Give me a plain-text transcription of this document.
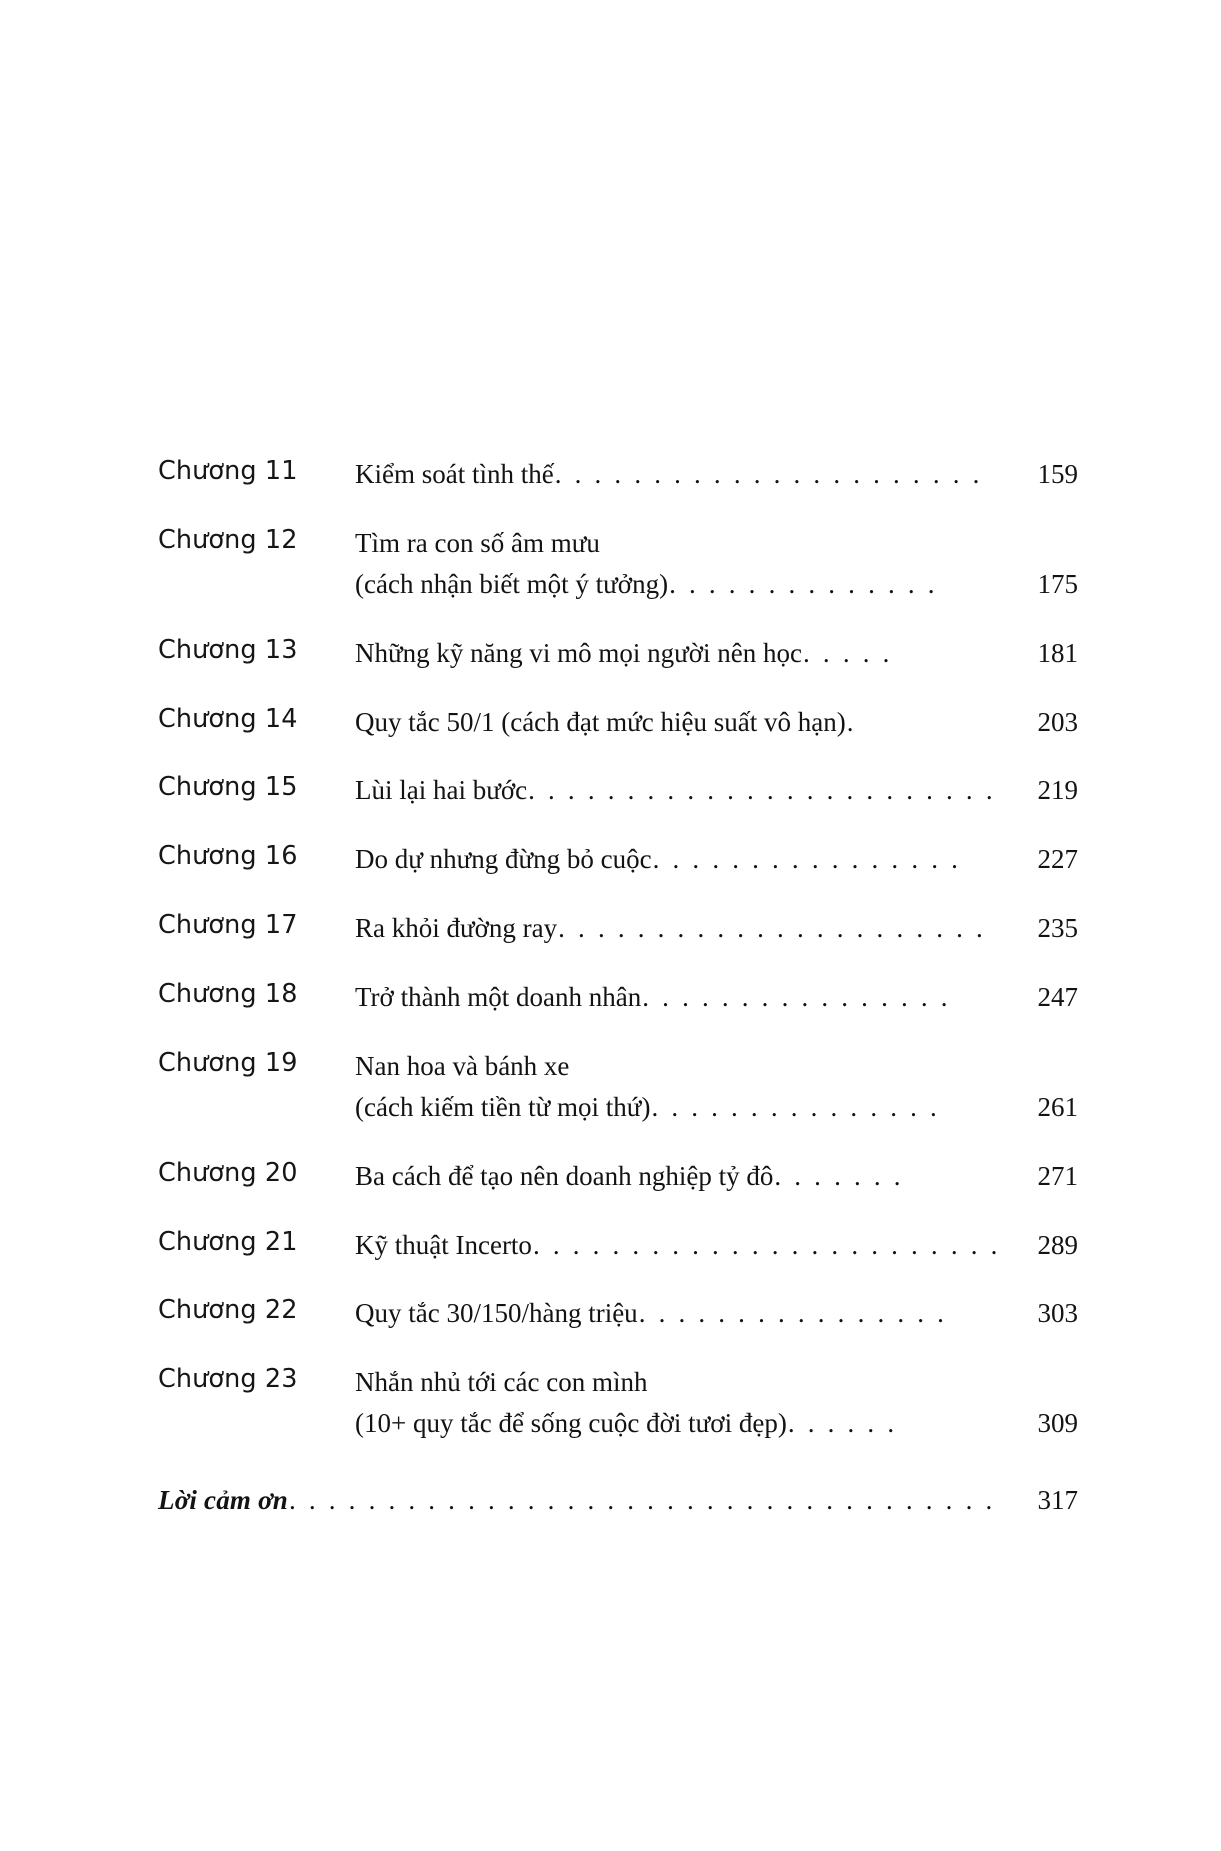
Chương 11	Kiểm soát tình thế . . . . . . . . . . . . . . . . . . . . . .	159
Chương 12	Tìm ra con số âm mưu
(cách nhận biết một ý tưởng) . . . . . . . . . . . . . .	175
Chương 13	Những kỹ năng vi mô mọi người nên học . . . . .	181
Chương 14	Quy tắc 50/1 (cách đạt mức hiệu suất vô hạn) .	203
Chương 15	Lùi lại hai bước . . . . . . . . . . . . . . . . . . . . . . . .	219
Chương 16	Do dự nhưng đừng bỏ cuộc . . . . . . . . . . . . . . . .	227
Chương 17	Ra khỏi đường ray . . . . . . . . . . . . . . . . . . . . . .	235
Chương 18	Trở thành một doanh nhân . . . . . . . . . . . . . . . .	247
Chương 19	Nan hoa và bánh xe
(cách kiếm tiền từ mọi thứ) . . . . . . . . . . . . . . .	261
Chương 20	Ba cách để tạo nên doanh nghiệp tỷ đô . . . . . . .	271
Chương 21	Kỹ thuật Incerto . . . . . . . . . . . . . . . . . . . . . . . .	289
Chương 22	Quy tắc 30/150/hàng triệu . . . . . . . . . . . . . . . .	303
Chương 23	Nhắn nhủ tới các con mình
(10+ quy tắc để sống cuộc đời tươi đẹp) . . . . . .	309
Lời cảm ơn . . . . . . . . . . . . . . . . . . . . . . . . . . . . . . . . . . . .	317
